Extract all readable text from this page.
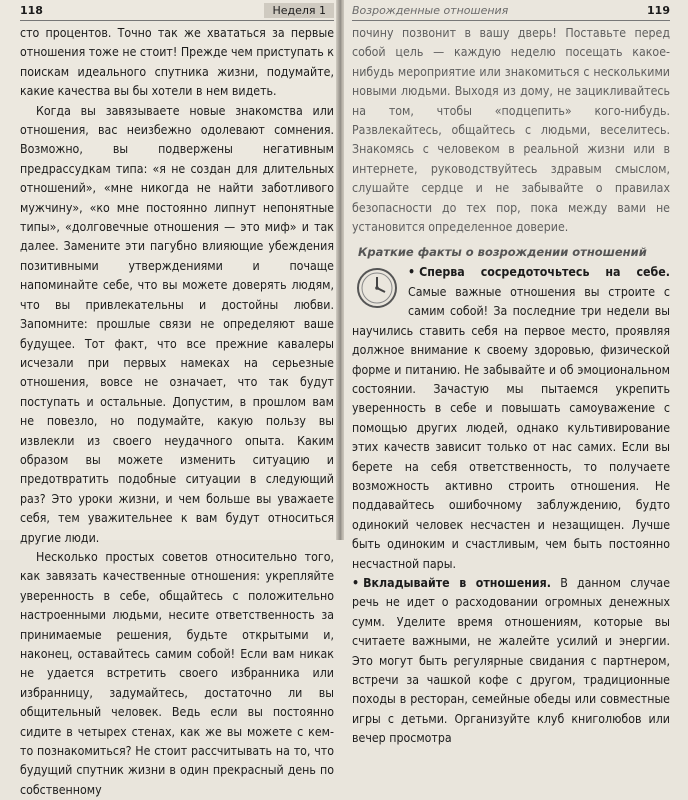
118	Неделя 1

сто процентов. Точно так же хвататься за первые отношения тоже не стоит! Прежде чем приступать к поискам идеального спутника жизни, подумайте, какие качества вы бы хотели в нем видеть.

Когда вы завязываете новые знакомства или отношения, вас неизбежно одолевают сомнения. Возможно, вы подвержены негативным предрассудкам типа: «я не создан для длительных отношений», «мне никогда не найти заботливого мужчину», «ко мне постоянно липнут непонятные типы», «долговечные отношения — это миф» и так далее. Замените эти пагубно влияющие убеждения позитивными утверждениями и почаще напоминайте себе, что вы можете доверять людям, что вы привлекательны и достойны любви. Запомните: прошлые связи не определяют ваше будущее. Тот факт, что все прежние кавалеры исчезали при первых намеках на серьезные отношения, вовсе не означает, что так будут поступать и остальные. Допустим, в прошлом вам не повезло, но подумайте, какую пользу вы извлекли из своего неудачного опыта. Каким образом вы можете изменить ситуацию и предотвратить подобные ситуации в следующий раз? Это уроки жизни, и чем больше вы уважаете себя, тем уважительнее к вам будут относиться другие люди.

Несколько простых советов относительно того, как завязать качественные отношения: укрепляйте уверенность в себе, общайтесь с положительно настроенными людьми, несите ответственность за принимаемые решения, будьте открытыми и, наконец, оставайтесь самим собой! Если вам никак не удается встретить своего избранника или избранницу, задумайтесь, достаточно ли вы общительный человек. Ведь если вы постоянно сидите в четырех стенах, как же вы можете с кем-то познакомиться? Не стоит рассчитывать на то, что будущий спутник жизни в один прекрасный день по собственному

Возрожденные отношения	119

почину позвонит в вашу дверь! Поставьте перед собой цель — каждую неделю посещать какое-нибудь мероприятие или знакомиться с несколькими новыми людьми. Выходя из дому, не зацикливайтесь на том, чтобы «подцепить» кого-нибудь. Развлекайтесь, общайтесь с людьми, веселитесь. Знакомясь с человеком в реальной жизни или в интернете, руководствуйтесь здравым смыслом, слушайте сердце и не забывайте о правилах безопасности до тех пор, пока между вами не установится определенное доверие.

Краткие факты о возрождении отношений

• Сперва сосредоточьтесь на себе. Самые важные отношения вы строите с самим собой! За последние три недели вы научились ставить себя на первое место, проявляя должное внимание к своему здоровью, физической форме и питанию. Не забывайте и об эмоциональном состоянии. Зачастую мы пытаемся укрепить уверенность в себе и повышать самоуважение с помощью других людей, однако культивирование этих качеств зависит только от нас самих. Если вы берете на себя ответственность, то получаете возможность активно строить отношения. Не поддавайтесь ошибочному заблуждению, будто одинокий человек несчастен и незащищен. Лучше быть одиноким и счастливым, чем быть постоянно несчастной пары.

• Вкладывайте в отношения. В данном случае речь не идет о расходовании огромных денежных сумм. Уделите время отношениям, которые вы считаете важными, не жалейте усилий и энергии. Это могут быть регулярные свидания с партнером, встречи за чашкой кофе с другом, традиционные походы в ресторан, семейные обеды или совместные игры с детьми. Организуйте клуб книголюбов или вечер просмотра
